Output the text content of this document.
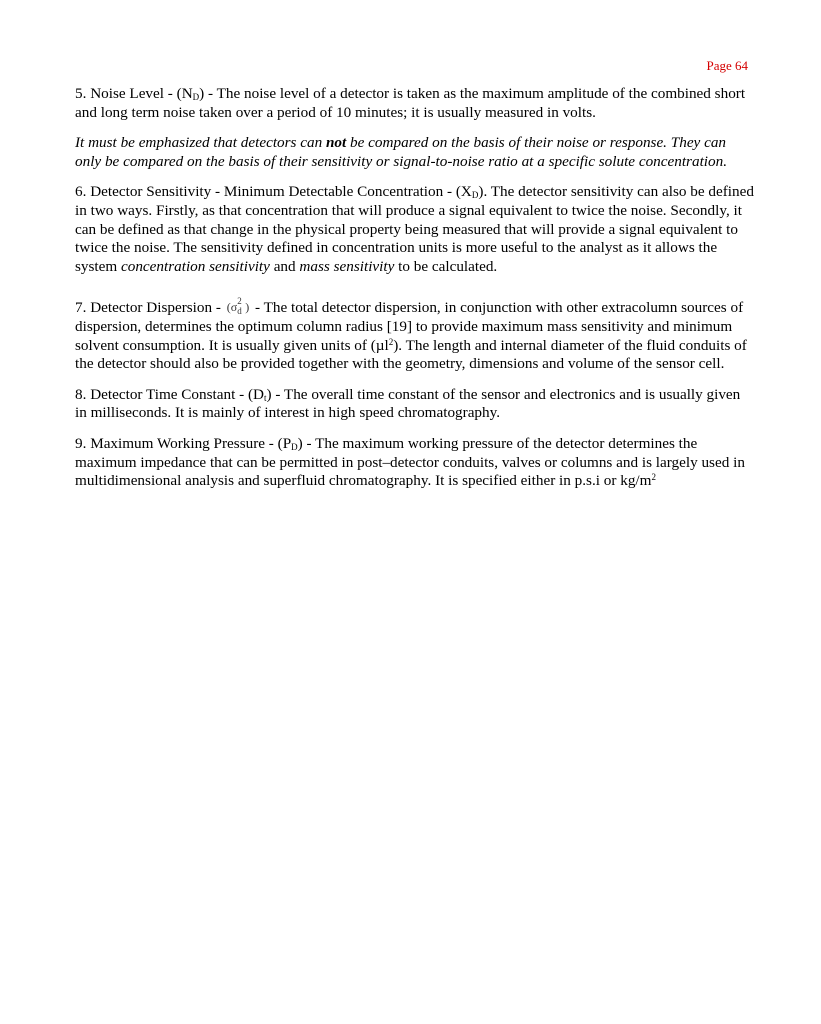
Page 64

5. Noise Level - $(N_D)$ - The noise level of a detector is taken as the maximum amplitude of the combined short and long term noise taken over a period of 10 minutes; it is usually measured in volts.

It must be emphasized that detectors can not be compared on the basis of their noise or response. They can only be compared on the basis of their sensitivity or signal-to-noise ratio at a specific solute concentration.

6. Detector Sensitivity - Minimum Detectable Concentration - $(X_D)$. The detector sensitivity can also be defined in two ways. Firstly, as that concentration that will produce a signal equivalent to twice the noise. Secondly, it can be defined as that change in the physical property being measured that will provide a signal equivalent to twice the noise. The sensitivity defined in concentration units is more useful to the analyst as it allows the system concentration sensitivity and mass sensitivity to be calculated.

7. Detector Dispersion - (σ 2
d ) - The total detector dispersion, in conjunction with other extracolumn sources of dispersion, determines the optimum column radius [19] to provide maximum mass sensitivity and minimum solvent consumption. It is usually given units of (µl$^2$). The length and internal diameter of the fluid conduits of the detector should also be provided together with the geometry, dimensions and volume of the sensor cell.

8. Detector Time Constant - $(D_t)$ - The overall time constant of the sensor and electronics and is usually given in milliseconds. It is mainly of interest in high speed chromatography.

9. Maximum Working Pressure - $(P_D)$ - The maximum working pressure of the detector determines the maximum impedance that can be permitted in post–detector conduits, valves or columns and is largely used in multidimensional analysis and superfluid chromatography. It is specified either in p.s.i or $kg/m^2$
